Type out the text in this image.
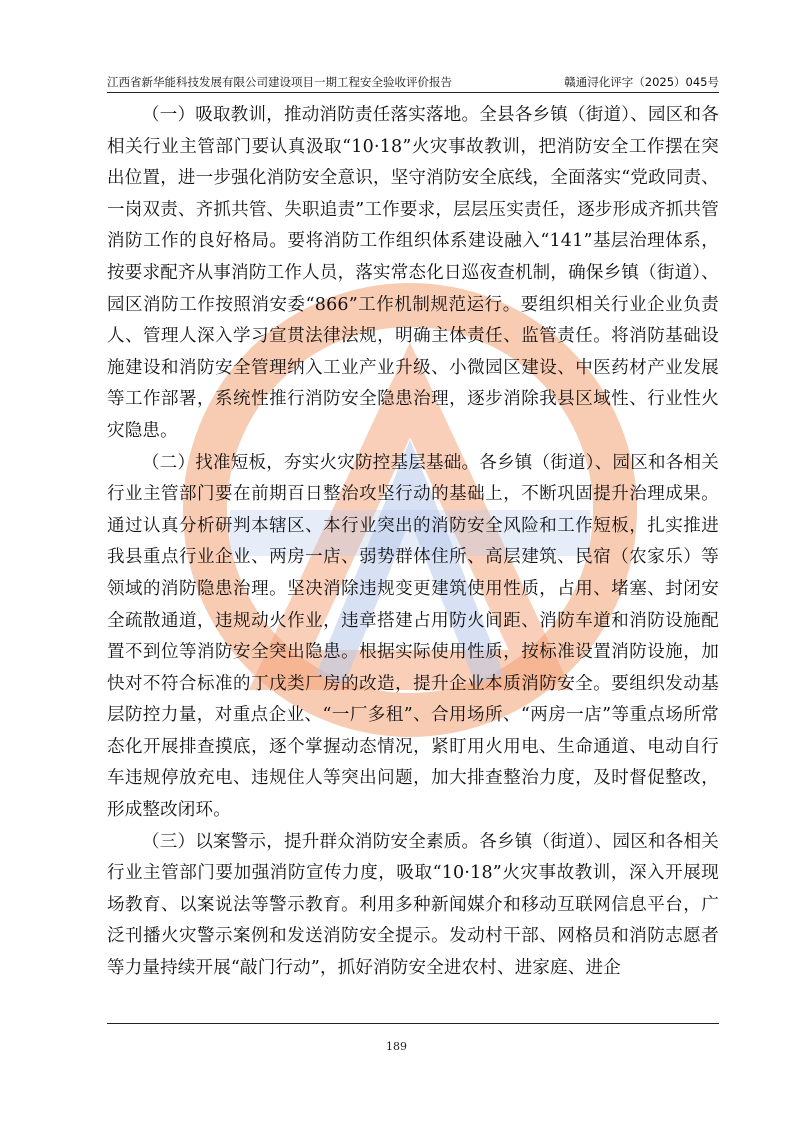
江西省新华能科技发展有限公司建设项目一期工程安全验收评价报告	赣通浔化评字（2025）045号

（一）吸取教训，推动消防责任落实落地。全县各乡镇（街道）、园区和各相关行业主管部门要认真汲取“10·18”火灾事故教训，把消防安全工作摆在突出位置，进一步强化消防安全意识，坚守消防安全底线，全面落实“党政同责、一岗双责、齐抓共管、失职追责”工作要求，层层压实责任，逐步形成齐抓共管消防工作的良好格局。要将消防工作组织体系建设融入“141”基层治理体系，按要求配齐从事消防工作人员，落实常态化日巡夜查机制，确保乡镇（街道）、园区消防工作按照消安委“866”工作机制规范运行。要组织相关行业企业负责人、管理人深入学习宣贯法律法规，明确主体责任、监管责任。将消防基础设施建设和消防安全管理纳入工业产业升级、小微园区建设、中医药材产业发展等工作部署，系统性推行消防安全隐患治理，逐步消除我县区域性、行业性火灾隐患。

（二）找准短板，夯实火灾防控基层基础。各乡镇（街道）、园区和各相关行业主管部门要在前期百日整治攻坚行动的基础上，不断巩固提升治理成果。通过认真分析研判本辖区、本行业突出的消防安全风险和工作短板，扎实推进我县重点行业企业、两房一店、弱势群体住所、高层建筑、民宿（农家乐）等领域的消防隐患治理。坚决消除违规变更建筑使用性质，占用、堵塞、封闭安全疏散通道，违规动火作业，违章搭建占用防火间距、消防车道和消防设施配置不到位等消防安全突出隐患。根据实际使用性质，按标准设置消防设施，加快对不符合标准的丁戊类厂房的改造，提升企业本质消防安全。要组织发动基层防控力量，对重点企业、“一厂多租”、合用场所、“两房一店”等重点场所常态化开展排查摸底，逐个掌握动态情况，紧盯用火用电、生命通道、电动自行车违规停放充电、违规住人等突出问题，加大排查整治力度，及时督促整改，形成整改闭环。

（三）以案警示，提升群众消防安全素质。各乡镇（街道）、园区和各相关行业主管部门要加强消防宣传力度，吸取“10·18”火灾事故教训，深入开展现场教育、以案说法等警示教育。利用多种新闻媒介和移动互联网信息平台，广泛刊播火灾警示案例和发送消防安全提示。发动村干部、网格员和消防志愿者等力量持续开展“敲门行动”，抓好消防安全进农村、进家庭、进企

189
